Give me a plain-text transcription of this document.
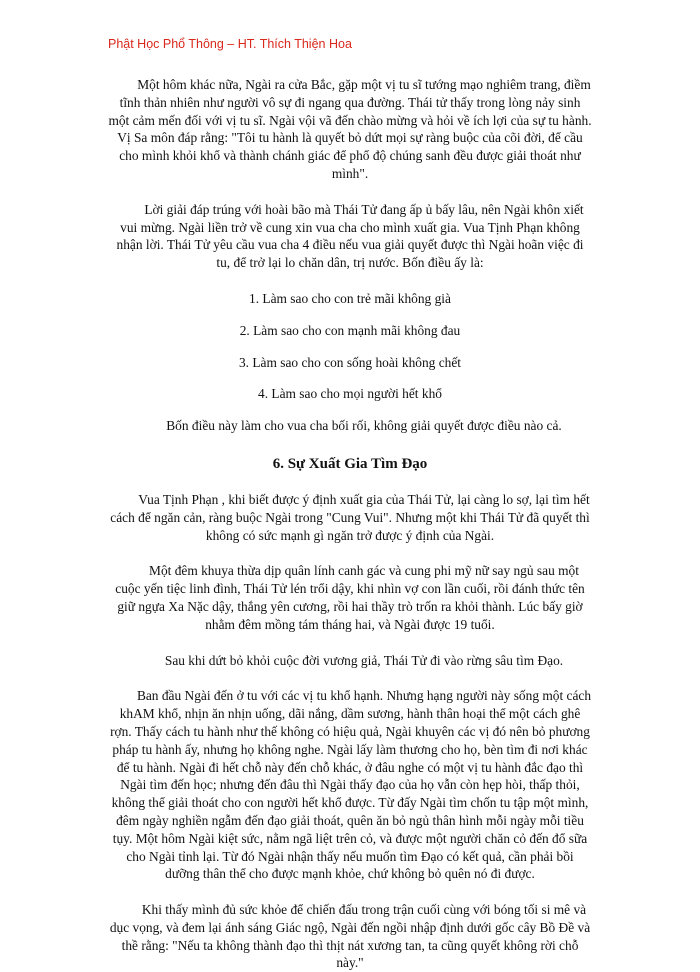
Phật Học Phổ Thông – HT. Thích Thiện Hoa

Một hôm khác nữa, Ngài ra cửa Bắc, gặp một vị tu sĩ tướng mạo nghiêm trang, điềm tĩnh thản nhiên như người vô sự đi ngang qua đường. Thái tử thấy trong lòng nảy sinh một cảm mến đối với vị tu sĩ. Ngài vội vã đến chào mừng và hỏi về ích lợi của sự tu hành. Vị Sa môn đáp rằng: "Tôi tu hành là quyết bỏ dứt mọi sự ràng buộc của cõi đời, để cầu cho mình khỏi khổ và thành chánh giác để phổ độ chúng sanh đều được giải thoát như mình".

Lời giải đáp trúng với hoài bão mà Thái Tử đang ấp ủ bấy lâu, nên Ngài khôn xiết vui mừng. Ngài liền trở về cung xin vua cha cho mình xuất gia. Vua Tịnh Phạn không nhận lời. Thái Tử yêu cầu vua cha 4 điều nếu vua giải quyết được thì Ngài hoãn việc đi tu, để trở lại lo chăn dân, trị nước. Bốn điều ấy là:

1. Làm sao cho con trẻ mãi không già

2. Làm sao cho con mạnh mãi không đau

3. Làm sao cho con sống hoài không chết

4. Làm sao cho mọi người hết khổ

Bốn điều này làm cho vua cha bối rối, không giải quyết được điều nào cả.

6. Sự Xuất Gia Tìm Đạo

Vua Tịnh Phạn , khi biết được ý định xuất gia của Thái Tử, lại càng lo sợ, lại tìm hết cách để ngăn cản, ràng buộc Ngài trong "Cung Vui". Nhưng một khi Thái Tử đã quyết thì không có sức mạnh gì ngăn trở được ý định của Ngài.

Một đêm khuya thừa dịp quân lính canh gác và cung phi mỹ nữ say ngủ sau một cuộc yến tiệc linh đình, Thái Tử lén trổi dậy, khi nhìn vợ con lần cuối, rồi đánh thức tên giữ ngựa Xa Nặc dậy, thắng yên cương, rồi hai thầy trò trốn ra khỏi thành. Lúc bấy giờ nhằm đêm mồng tám tháng hai, và Ngài được 19 tuổi.

Sau khi dứt bỏ khỏi cuộc đời vương giả, Thái Tử đi vào rừng sâu tìm Đạo.

Ban đầu Ngài đến ở tu với các vị tu khổ hạnh. Nhưng hạng người này sống một cách khAM khổ, nhịn ăn nhịn uống, dãi nắng, dầm sương, hành thân hoại thể một cách ghê rợn. Thấy cách tu hành như thế không có hiệu quả, Ngài khuyên các vị đó nên bỏ phương pháp tu hành ấy, nhưng họ không nghe. Ngài lấy làm thương cho họ, bèn tìm đi nơi khác để tu hành. Ngài đi hết chỗ này đến chỗ khác, ở đâu nghe có một vị tu hành đắc đạo thì Ngài tìm đến học; nhưng đến đâu thì Ngài thấy đạo của họ vẫn còn hẹp hòi, thấp thỏi, không thể giải thoát cho con người hết khổ được. Từ đấy Ngài tìm chốn tu tập một mình, đêm ngày nghiền ngẫm đến đạo giải thoát, quên ăn bỏ ngủ thân hình mỗi ngày mỗi tiều tụy. Một hôm Ngài kiệt sức, nằm ngã liệt trên cỏ, và được một người chăn cỏ đến đổ sữa cho Ngài tỉnh lại. Từ đó Ngài nhận thấy nếu muốn tìm Đạo có kết quả, cần phải bồi dưỡng thân thể cho được mạnh khỏe, chứ không bỏ quên nó đi được.

Khi thấy mình đủ sức khỏe để chiến đấu trong trận cuối cùng với bóng tối si mê và dục vọng, và đem lại ánh sáng Giác ngộ, Ngài đến ngồi nhập định dưới gốc cây Bồ Đề và thề rằng: "Nếu ta không thành đạo thì thịt nát xương tan, ta cũng quyết không rời chỗ này."
